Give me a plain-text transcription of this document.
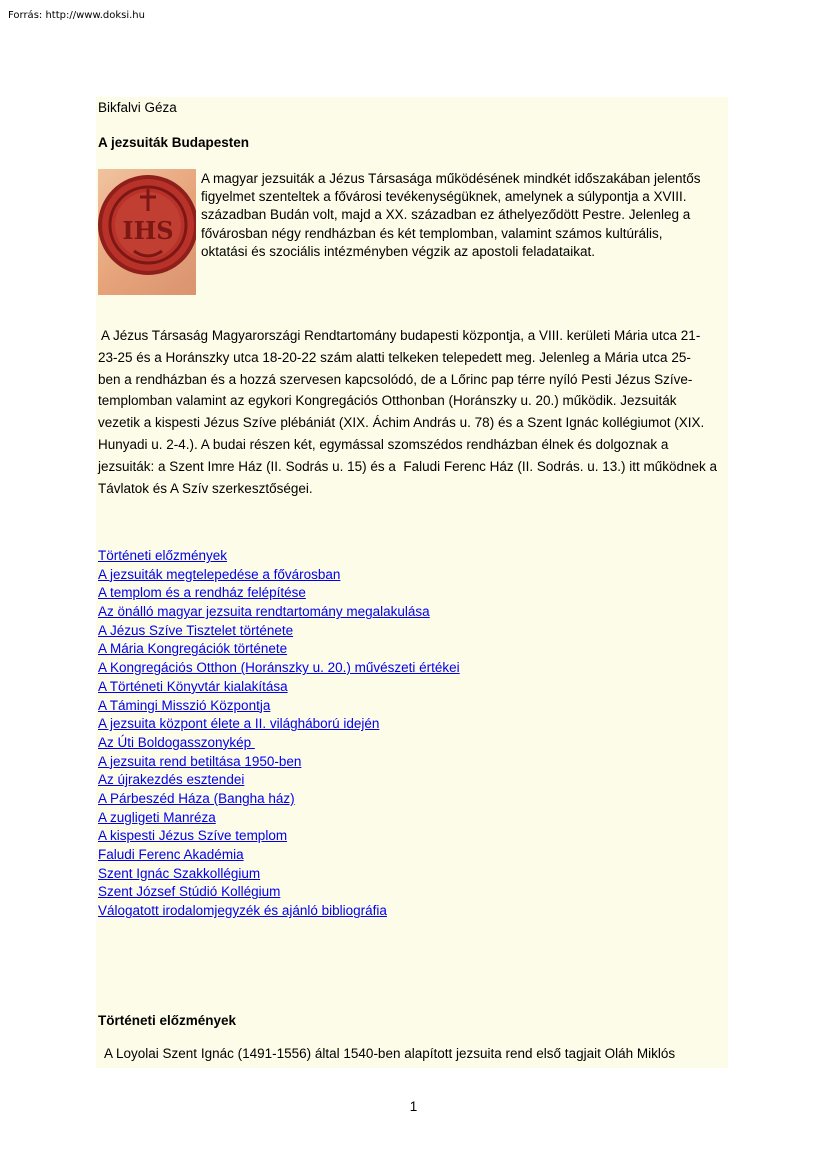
Forrás: http://www.doksi.hu
Bikfalvi Géza
A jezsuiták Budapesten
IHS
A magyar jezsuiták a Jézus Társasága működésének mindkét időszakában jelentős
figyelmet szenteltek a fővárosi tevékenységüknek, amelynek a súlypontja a XVIII.
században Budán volt, majd a XX. században ez áthelyeződött Pestre. Jelenleg a
fővárosban négy rendházban és két templomban, valamint számos kultúrális,
oktatási és szociális intézményben végzik az apostoli feladataikat.
A Jézus Társaság Magyarországi Rendtartomány budapesti központja, a VIII. kerületi Mária utca 21-
23-25 és a Horánszky utca 18-20-22 szám alatti telkeken telepedett meg. Jelenleg a Mária utca 25-
ben a rendházban és a hozzá szervesen kapcsolódó, de a Lőrinc pap térre nyíló Pesti Jézus Szíve-
templomban valamint az egykori Kongregációs Otthonban (Horánszky u. 20.) működik. Jezsuiták
vezetik a kispesti Jézus Szíve plébániát (XIX. Áchim András u. 78) és a Szent Ignác kollégiumot (XIX.
Hunyadi u. 2-4.). A budai részen két, egymással szomszédos rendházban élnek és dolgoznak a
jezsuiták: a Szent Imre Ház (II. Sodrás u. 15) és a  Faludi Ferenc Ház (II. Sodrás. u. 13.) itt működnek a
Távlatok és A Szív szerkesztőségei.
Történeti előzmények
A jezsuiták megtelepedése a fővárosban
A templom és a rendház felépítése
Az önálló magyar jezsuita rendtartomány megalakulása
A Jézus Szíve Tisztelet története
A Mária Kongregációk története
A Kongregációs Otthon (Horánszky u. 20.) művészeti értékei
A Történeti Könyvtár kialakítása
A Támingi Misszió Központja
A jezsuita központ élete a II. világháború idején
Az Úti Boldogasszonykép
A jezsuita rend betiltása 1950-ben
Az újrakezdés esztendei
A Párbeszéd Háza (Bangha ház)
A zugligeti Manréza
A kispesti Jézus Szíve templom
Faludi Ferenc Akadémia
Szent Ignác Szakkollégium
Szent József Stúdió Kollégium
Válogatott irodalomjegyzék és ajánló bibliográfia
Történeti előzmények
A Loyolai Szent Ignác (1491-1556) által 1540-ben alapított jezsuita rend első tagjait Oláh Miklós
1
